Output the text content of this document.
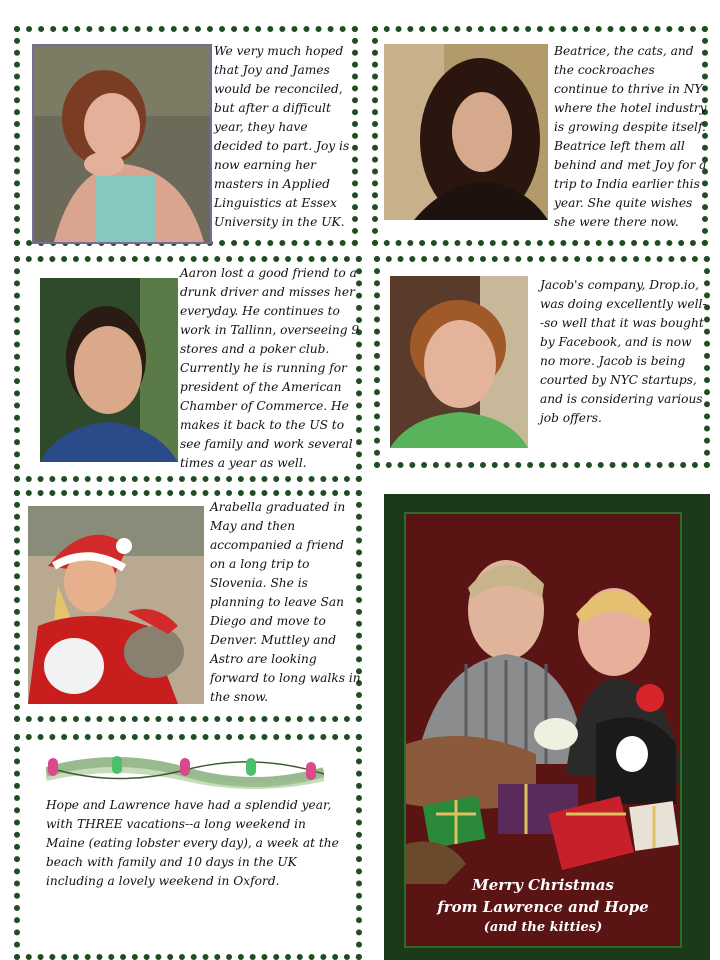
We very much hoped that Joy and James would be reconciled, but after a difficult year, they have decided to part. Joy is now earning her masters in Applied Linguistics at Essex University in the UK.

Beatrice, the cats, and the cockroaches continue to thrive in NY where the hotel industry is growing despite itself. Beatrice left them all behind and met Joy for a trip to India earlier this year. She quite wishes she were there now.

Aaron lost a good friend to a drunk driver and misses her everyday. He continues to work in Tallinn, overseeing 9 stores and a poker club. Currently he is running for president of the American Chamber of Commerce. He makes it back to the US to see family and work several times a year as well.

Jacob's company, Drop.io, was doing excellently well--so well that it was bought by Facebook, and is now no more. Jacob is being courted by NYC startups, and is considering various job offers.

Arabella graduated in May and then accompanied a friend on a long trip to Slovenia. She is planning to leave San Diego and move to Denver. Muttley and Astro are looking forward to long walks in the snow.

Hope and Lawrence have had a splendid year, with THREE vacations--a long weekend in Maine (eating lobster every day), a week at the beach with family and 10 days in the UK including a lovely weekend in Oxford.	Merry Christmas
from Lawrence and Hope
(and the kitties)
